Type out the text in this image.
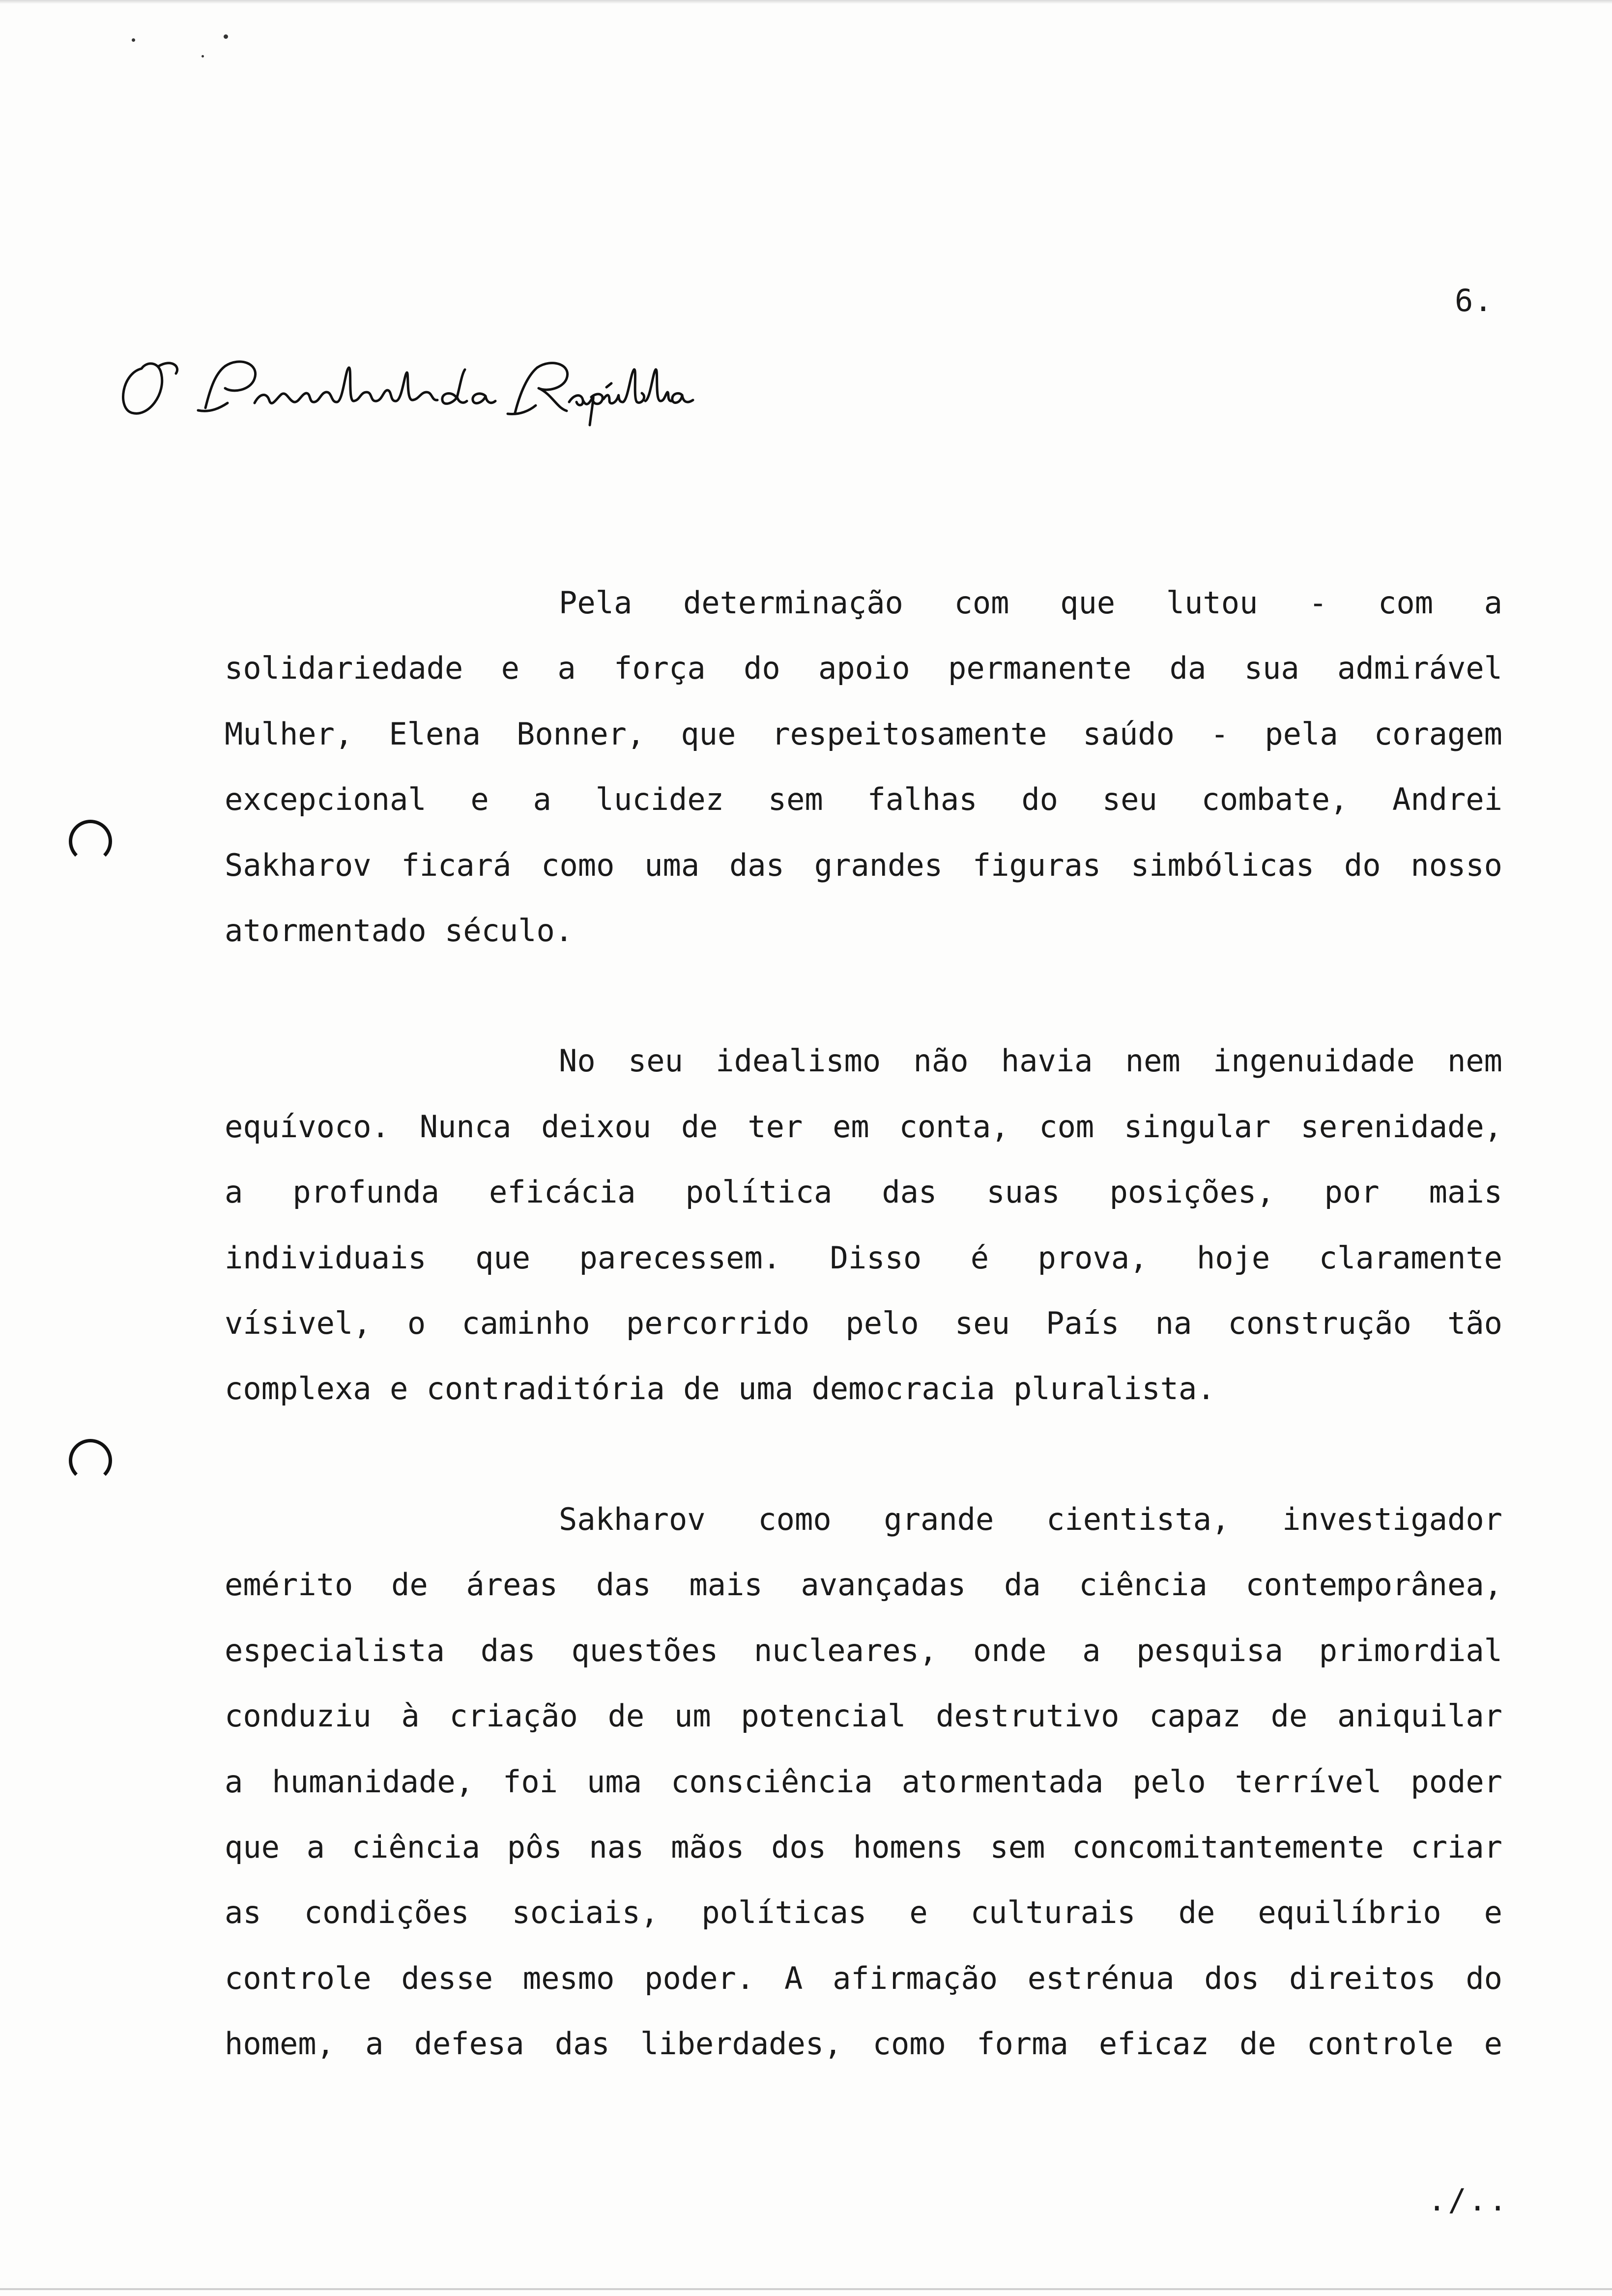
6.

Pela determinação com que lutou - com a
solidariedade e a força do apoio permanente da sua admirável
Mulher, Elena Bonner, que respeitosamente saúdo - pela coragem
excepcional e a lucidez sem falhas do seu combate, Andrei
Sakharov ficará como uma das grandes figuras simbólicas do nosso
atormentado século.

No seu idealismo não havia nem ingenuidade nem
equívoco. Nunca deixou de ter em conta, com singular serenidade,
a profunda eficácia política das suas posições, por mais
individuais que parecessem. Disso é prova, hoje claramente
vísivel, o caminho percorrido pelo seu País na construção tão
complexa e contraditória de uma democracia pluralista.

Sakharov como grande cientista, investigador
emérito de áreas das mais avançadas da ciência contemporânea,
especialista das questões nucleares, onde a pesquisa primordial
conduziu à criação de um potencial destrutivo capaz de aniquilar
a humanidade, foi uma consciência atormentada pelo terrível poder
que a ciência pôs nas mãos dos homens sem concomitantemente criar
as condições sociais, políticas e culturais de equilíbrio e
controle desse mesmo poder. A afirmação estrénua dos direitos do
homem, a defesa das liberdades, como forma eficaz de controle e

./..
